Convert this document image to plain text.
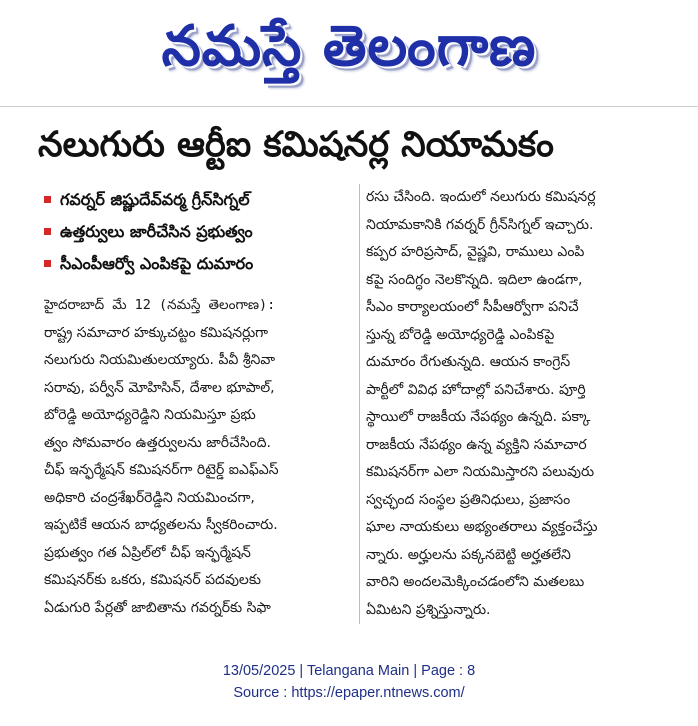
నమస్తే తెలంగాణ
నలుగురు ఆర్టీఐ కమిషనర్ల నియామకం
గవర్నర్ జిష్ణుదేవ్‌వర్మ గ్రీన్‌సిగ్నల్
ఉత్తర్వులు జారీచేసిన ప్రభుత్వం
సీఎంపీఆర్వో ఎంపికపై దుమారం
హైదరాబాద్ మే 12 (నమస్తే తెలంగాణ):
రాష్ట్ర సమాచార హక్కుచట్టం కమిషనర్లుగా
నలుగురు నియమితులయ్యారు. పీవీ శ్రీనివా
సరావు, పర్వీన్ మోహిసిన్, దేశాల భూపాల్,
బోరెడ్డి అయోధ్యరెడ్డిని నియమిస్తూ ప్రభు
త్వం సోమవారం ఉత్తర్వులను జారీచేసింది.
చీఫ్ ఇన్ఫర్మేషన్ కమిషనర్‌గా రిటైర్డ్ ఐఎఫ్ఎస్
అధికారి చంద్రశేఖర్‌రెడ్డిని నియమించగా,
ఇప్పటికే ఆయన బాధ్యతలను స్వీకరించారు.
ప్రభుత్వం గత ఏప్రిల్‌లో చీఫ్ ఇన్ఫర్మేషన్
కమిషనర్‌కు ఒకరు, కమిషనర్ పదవులకు
ఏడుగురి పేర్లతో జాబితాను గవర్నర్‌కు సిఫా
రసు చేసింది. ఇందులో నలుగురు కమిషనర్ల
నియామకానికి గవర్నర్ గ్రీన్‌సిగ్నల్ ఇచ్చారు.
కప్పర హరిప్రసాద్, వైష్ణవి, రాములు ఎంపి
కపై సందిగ్ధం నెలకొన్నది. ఇదిలా ఉండగా,
సీఎం కార్యాలయంలో సీపీఆర్వోగా పనిచే
స్తున్న బోరెడ్డి అయోధ్యరెడ్డి ఎంపికపై
దుమారం రేగుతున్నది. ఆయన కాంగ్రెస్
పార్టీలో వివిధ హోదాల్లో పనిచేశారు. పూర్తి
స్థాయిలో రాజకీయ నేపథ్యం ఉన్నది. పక్కా
రాజకీయ నేపథ్యం ఉన్న వ్యక్తిని సమాచార
కమిషనర్‌గా ఎలా నియమిస్తారని పలువురు
స్వచ్ఛంద సంస్థల ప్రతినిధులు, ప్రజాసం
ఘాల నాయకులు అభ్యంతరాలు వ్యక్తంచేస్తు
న్నారు. అర్హులను పక్కనబెట్టి అర్హతలేని
వారిని అందలమెక్కించడంలోని మతలబు
ఏమిటని ప్రశ్నిస్తున్నారు.
13/05/2025 | Telangana Main | Page : 8
Source : https://epaper.ntnews.com/
